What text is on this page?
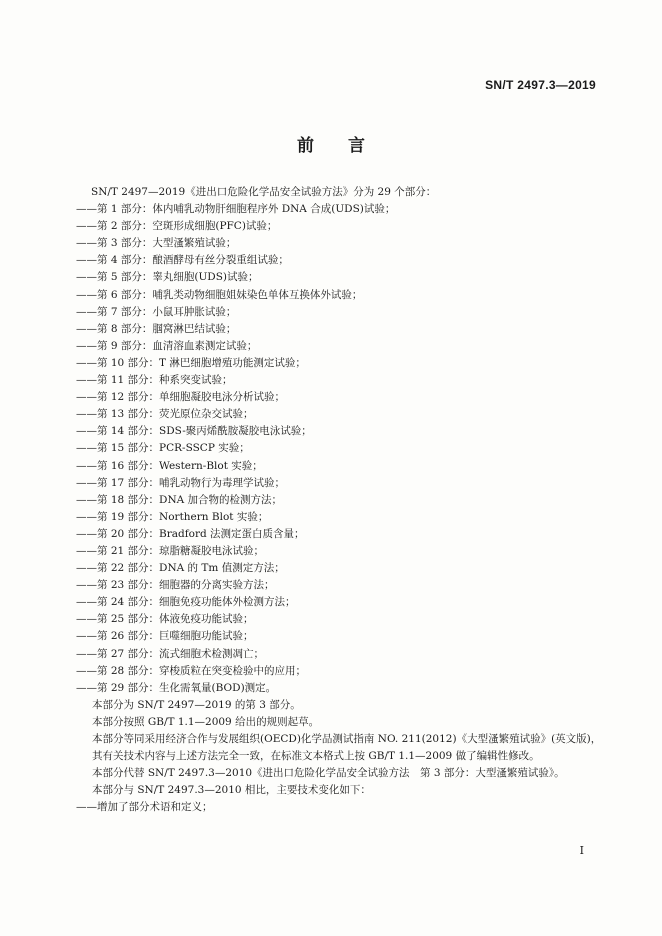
SN/T 2497.3—2019
前言
SN/T 2497—2019《进出口危险化学品安全试验方法》分为 29 个部分：
——第 1 部分：体内哺乳动物肝细胞程序外 DNA 合成(UDS)试验；
——第 2 部分：空斑形成细胞(PFC)试验；
——第 3 部分：大型溞繁殖试验；
——第 4 部分：酿酒酵母有丝分裂重组试验；
——第 5 部分：睾丸细胞(UDS)试验；
——第 6 部分：哺乳类动物细胞姐妹染色单体互换体外试验；
——第 7 部分：小鼠耳肿胀试验；
——第 8 部分：腘窝淋巴结试验；
——第 9 部分：血清溶血素测定试验；
——第 10 部分：T 淋巴细胞增殖功能测定试验；
——第 11 部分：种系突变试验；
——第 12 部分：单细胞凝胶电泳分析试验；
——第 13 部分：荧光原位杂交试验；
——第 14 部分：SDS-聚丙烯酰胺凝胶电泳试验；
——第 15 部分：PCR-SSCP 实验；
——第 16 部分：Western-Blot 实验；
——第 17 部分：哺乳动物行为毒理学试验；
——第 18 部分：DNA 加合物的检测方法；
——第 19 部分：Northern Blot 实验；
——第 20 部分：Bradford 法测定蛋白质含量；
——第 21 部分：琼脂糖凝胶电泳试验；
——第 22 部分：DNA 的 Tm 值测定方法；
——第 23 部分：细胞器的分离实验方法；
——第 24 部分：细胞免疫功能体外检测方法；
——第 25 部分：体液免疫功能试验；
——第 26 部分：巨噬细胞功能试验；
——第 27 部分：流式细胞术检测凋亡；
——第 28 部分：穿梭质粒在突变检验中的应用；
——第 29 部分：生化需氧量(BOD)测定。
本部分为 SN/T 2497—2019 的第 3 部分。
本部分按照 GB/T 1.1—2009 给出的规则起草。
本部分等同采用经济合作与发展组织(OECD)化学品测试指南 NO. 211(2012)《大型溞繁殖试验》(英文版)，其有关技术内容与上述方法完全一致，在标准文本格式上按 GB/T 1.1—2009 做了编辑性修改。
本部分代替 SN/T 2497.3—2010《进出口危险化学品安全试验方法　第 3 部分：大型溞繁殖试验》。
本部分与 SN/T 2497.3—2010 相比，主要技术变化如下：
——增加了部分术语和定义；
I
